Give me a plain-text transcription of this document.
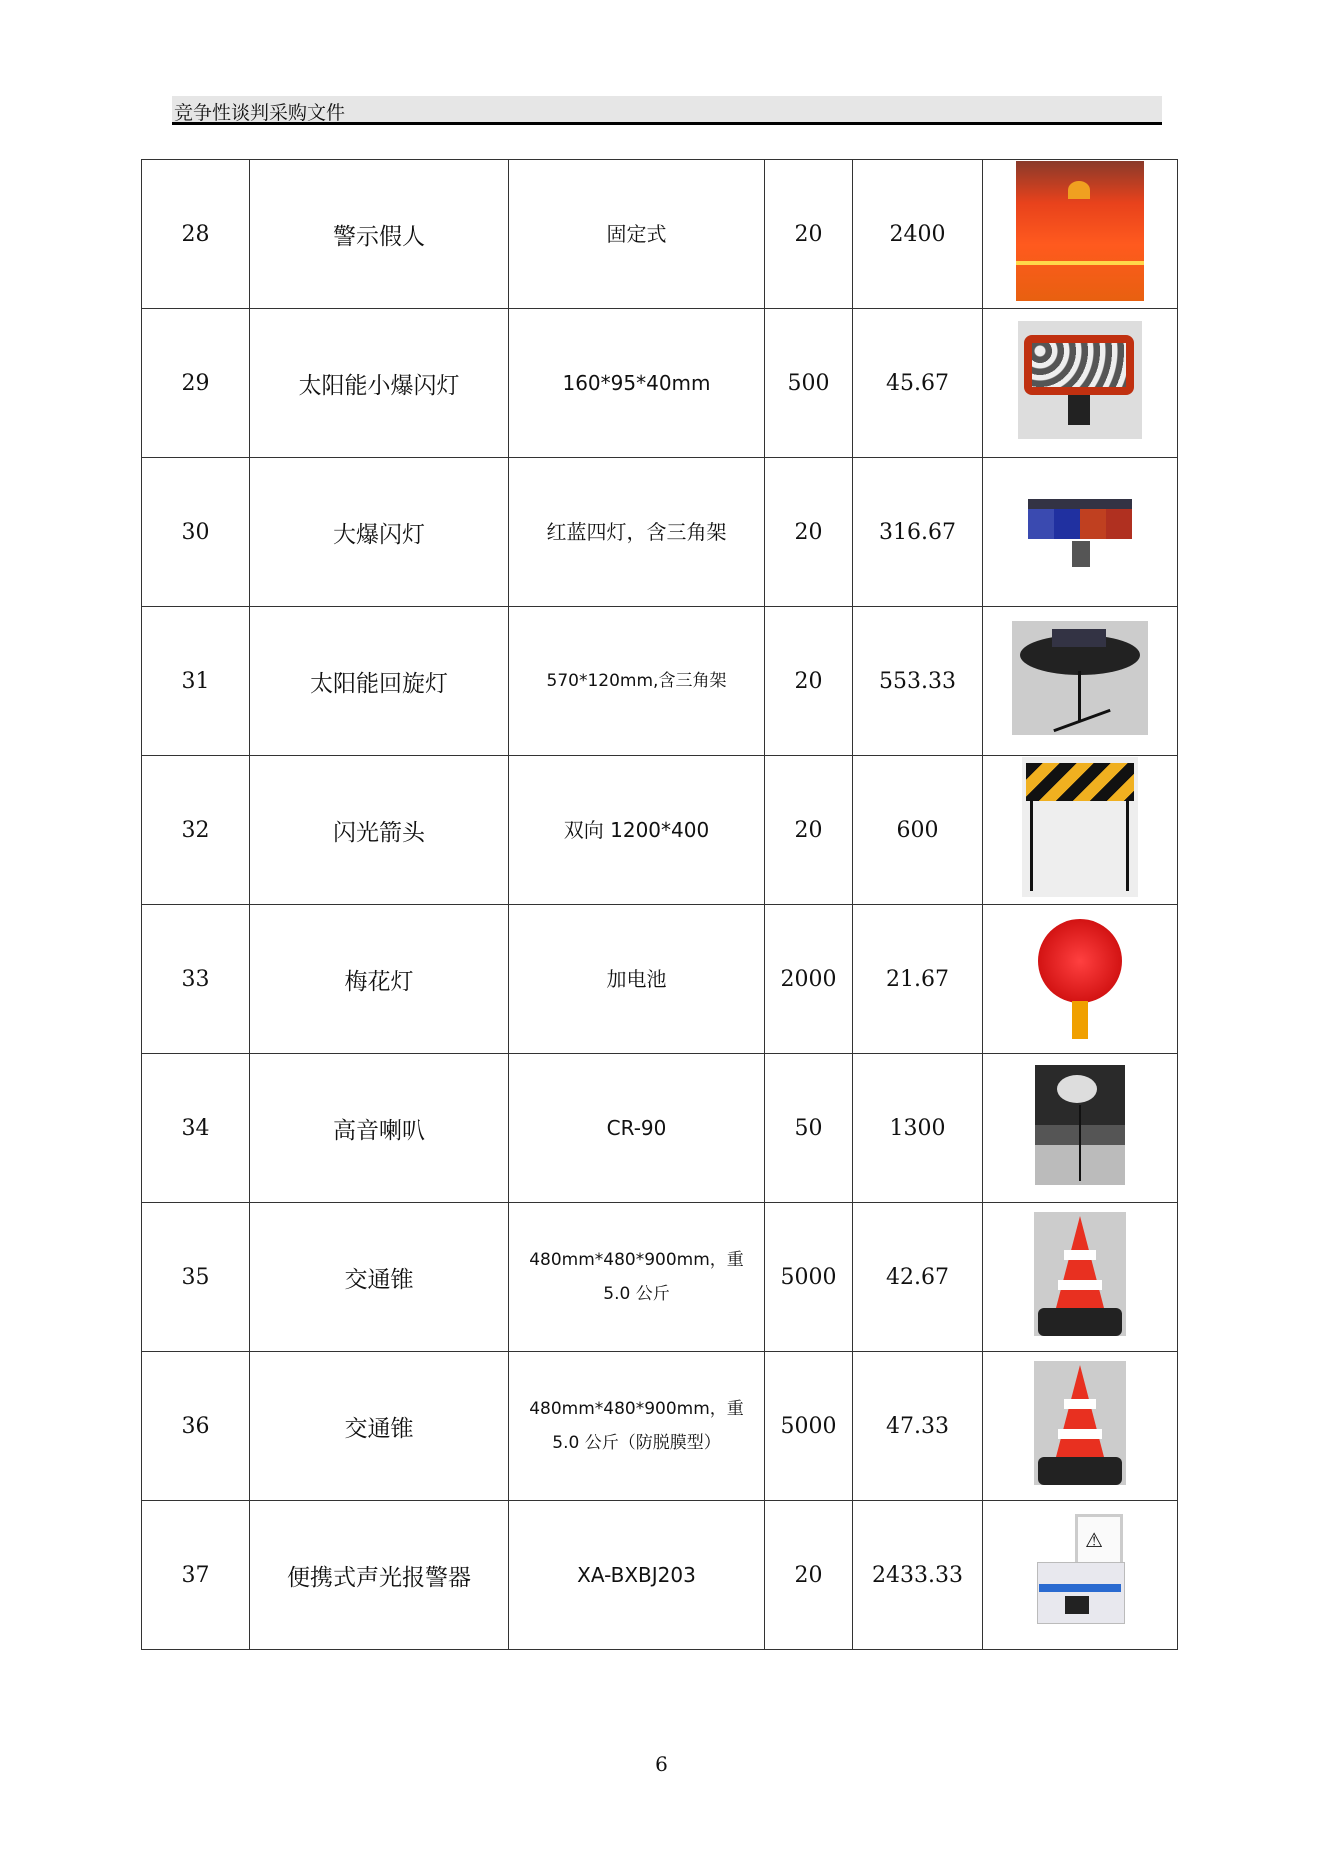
竞争性谈判采购文件
28	警示假人	固定式	20	2400	

29	太阳能小爆闪灯	160*95*40mm	500	45.67	

30	大爆闪灯	红蓝四灯，含三角架	20	316.67	

31	太阳能回旋灯	570*120mm,含三角架	20	553.33	

32	闪光箭头	双向 1200*400	20	600	

33	梅花灯	加电池	2000	21.67	

34	高音喇叭	CR-90	50	1300	

35	交通锥	480mm*480*900mm，重 5.0 公斤	5000	42.67	

36	交通锥	480mm*480*900mm，重 5.0 公斤（防脱膜型）	5000	47.33	

37	便携式声光报警器	XA-BXBJ203	20	2433.33	⚠
6
